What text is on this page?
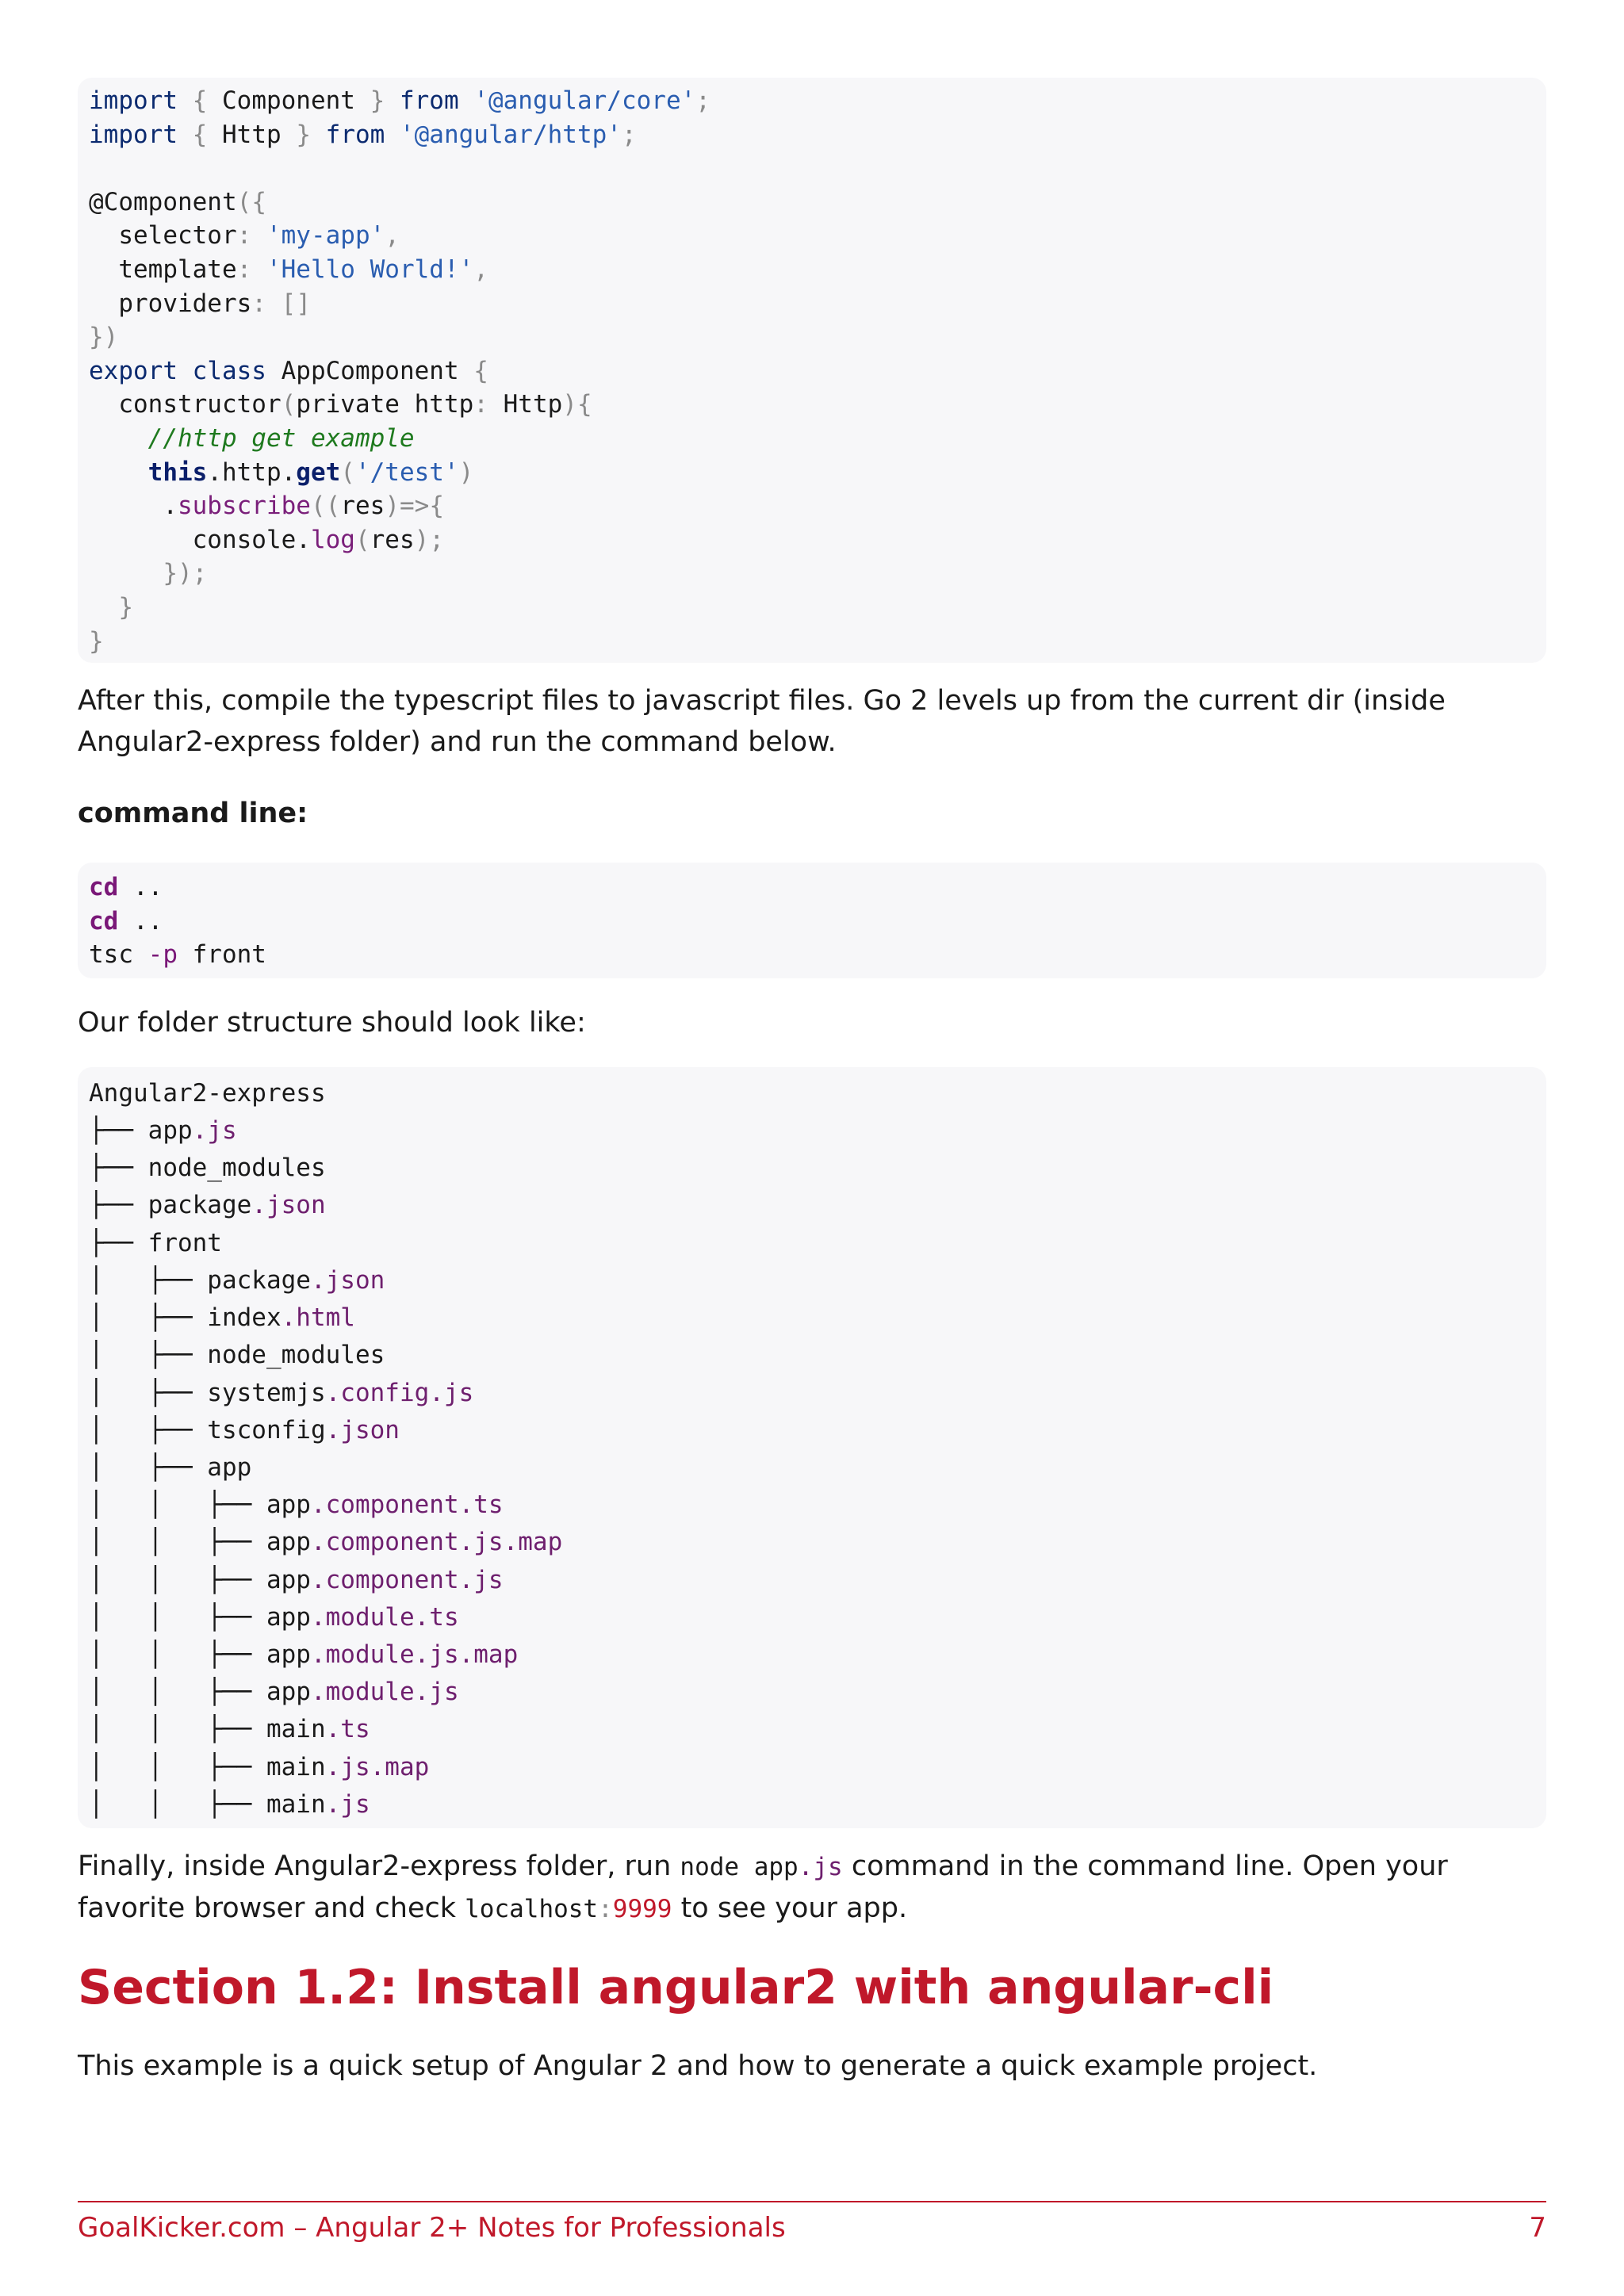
import { Component } from '@angular/core';
import { Http } from '@angular/http';
@Component({
selector: 'my-app',
template: 'Hello World!',
providers: []
})
export class AppComponent {
constructor(private http: Http){
//http get example
this.http.get('/test')
.subscribe((res)=>{
console.log(res);
});
}
}

After this, compile the typescript files to javascript files. Go 2 levels up from the current dir (inside Angular2-express folder) and run the command below.

command line:

cd ..
cd ..
tsc -p front

Our folder structure should look like:

Angular2-express
├── app.js
├── node_modules
├── package.json
├── front
│   ├── package.json
│   ├── index.html
│   ├── node_modules
│   ├── systemjs.config.js
│   ├── tsconfig.json
│   ├── app
│   │   ├── app.component.ts
│   │   ├── app.component.js.map
│   │   ├── app.component.js
│   │   ├── app.module.ts
│   │   ├── app.module.js.map
│   │   ├── app.module.js
│   │   ├── main.ts
│   │   ├── main.js.map
│   │   ├── main.js

Finally, inside Angular2-express folder, run node app.js command in the command line. Open your favorite browser and check localhost:9999 to see your app.

Section 1.2: Install angular2 with angular-cli

This example is a quick setup of Angular 2 and how to generate a quick example project.

GoalKicker.com – Angular 2+ Notes for Professionals	7
